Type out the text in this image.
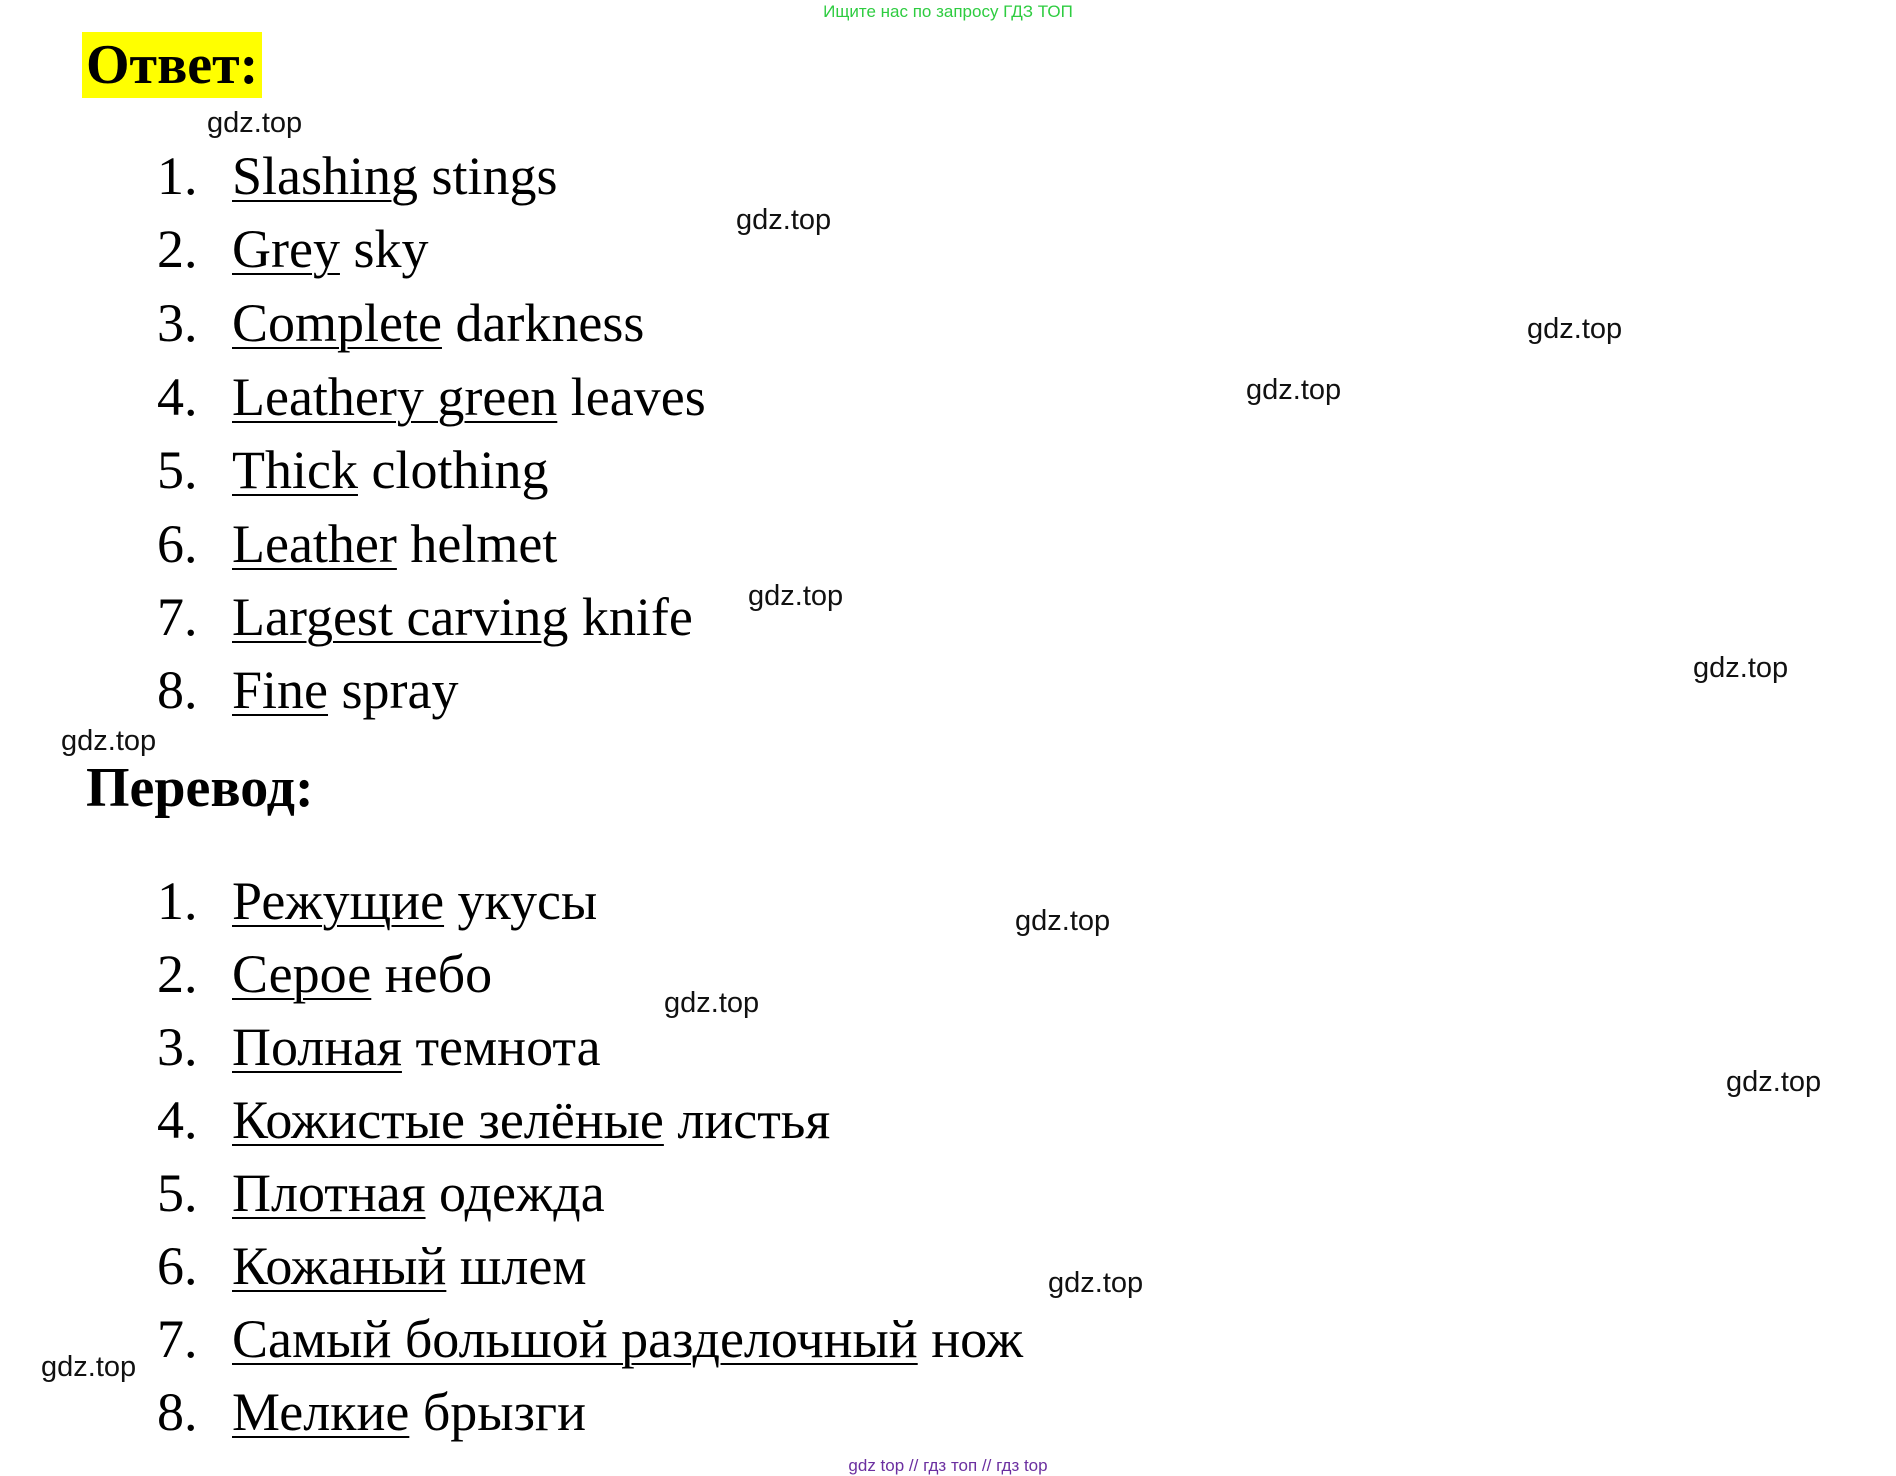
Ищите нас по запросу ГДЗ ТОП
Ответ:
1. Slashing stings
2. Grey sky
3. Complete darkness
4. Leathery green leaves
5. Thick clothing
6. Leather helmet
7. Largest carving knife
8. Fine spray
Перевод:
1. Режущие укусы
2. Серое небо
3. Полная темнота
4. Кожистые зелёные листья
5. Плотная одежда
6. Кожаный шлем
7. Самый большой разделочный нож
8. Мелкие брызги
gdz.top
gdz.top
gdz.top
gdz.top
gdz.top
gdz.top
gdz.top
gdz.top
gdz.top
gdz.top
gdz.top
gdz.top
gdz top // гдз топ // гдз top
